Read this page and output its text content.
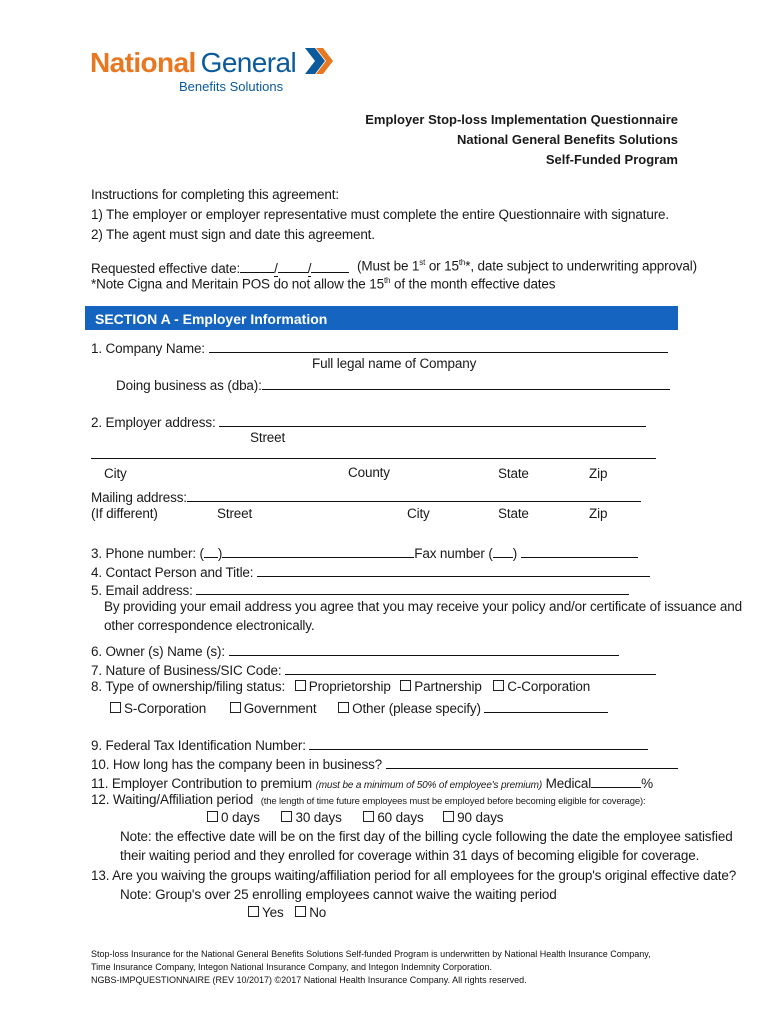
National General
Benefits Solutions
Employer Stop-loss Implementation Questionnaire
National General Benefits Solutions
Self-Funded Program
Instructions for completing this agreement:
1) The employer or employer representative must complete the entire Questionnaire with signature.
2) The agent must sign and date this agreement.
Requested effective date:	/ /	(Must be 1st or 15th*, date subject to underwriting approval)
*Note Cigna and Meritain POS do not allow the 15th of the month effective dates
SECTION A - Employer Information
1. Company Name:
Full legal name of Company
Doing business as (dba):
2. Employer address:
Street
City	County	State	Zip
Mailing address:
(If different)	Street	City	State	Zip
3. Phone number: ( )	Fax number ( )
4. Contact Person and Title:
5. Email address:
By providing your email address you agree that you may receive your policy and/or certificate of issuance and
other correspondence electronically.
6. Owner (s) Name (s):
7. Nature of Business/SIC Code:
8. Type of ownership/filing status: Proprietorship Partnership C-Corporation
S-Corporation	Government	Other (please specify)
9. Federal Tax Identification Number:
10. How long has the company been in business?
11. Employer Contribution to premium (must be a minimum of 50% of employee's premium) Medical	%
12. Waiting/Affiliation period (the length of time future employees must be employed before becoming eligible for coverage):
0 days	30 days	60 days 90 days
Note: the effective date will be on the first day of the billing cycle following the date the employee satisfied
their waiting period and they enrolled for coverage within 31 days of becoming eligible for coverage.
13. Are you waiving the groups waiting/affiliation period for all employees for the group's original effective date?
Note: Group's over 25 enrolling employees cannot waive the waiting period
Yes No
Stop-loss Insurance for the National General Benefits Solutions Self-funded Program is underwritten by National Health Insurance Company,
Time Insurance Company, Integon National Insurance Company, and Integon Indemnity Corporation.
NGBS-IMPQUESTIONNAIRE (REV 10/2017) ©2017 National Health Insurance Company. All rights reserved.
